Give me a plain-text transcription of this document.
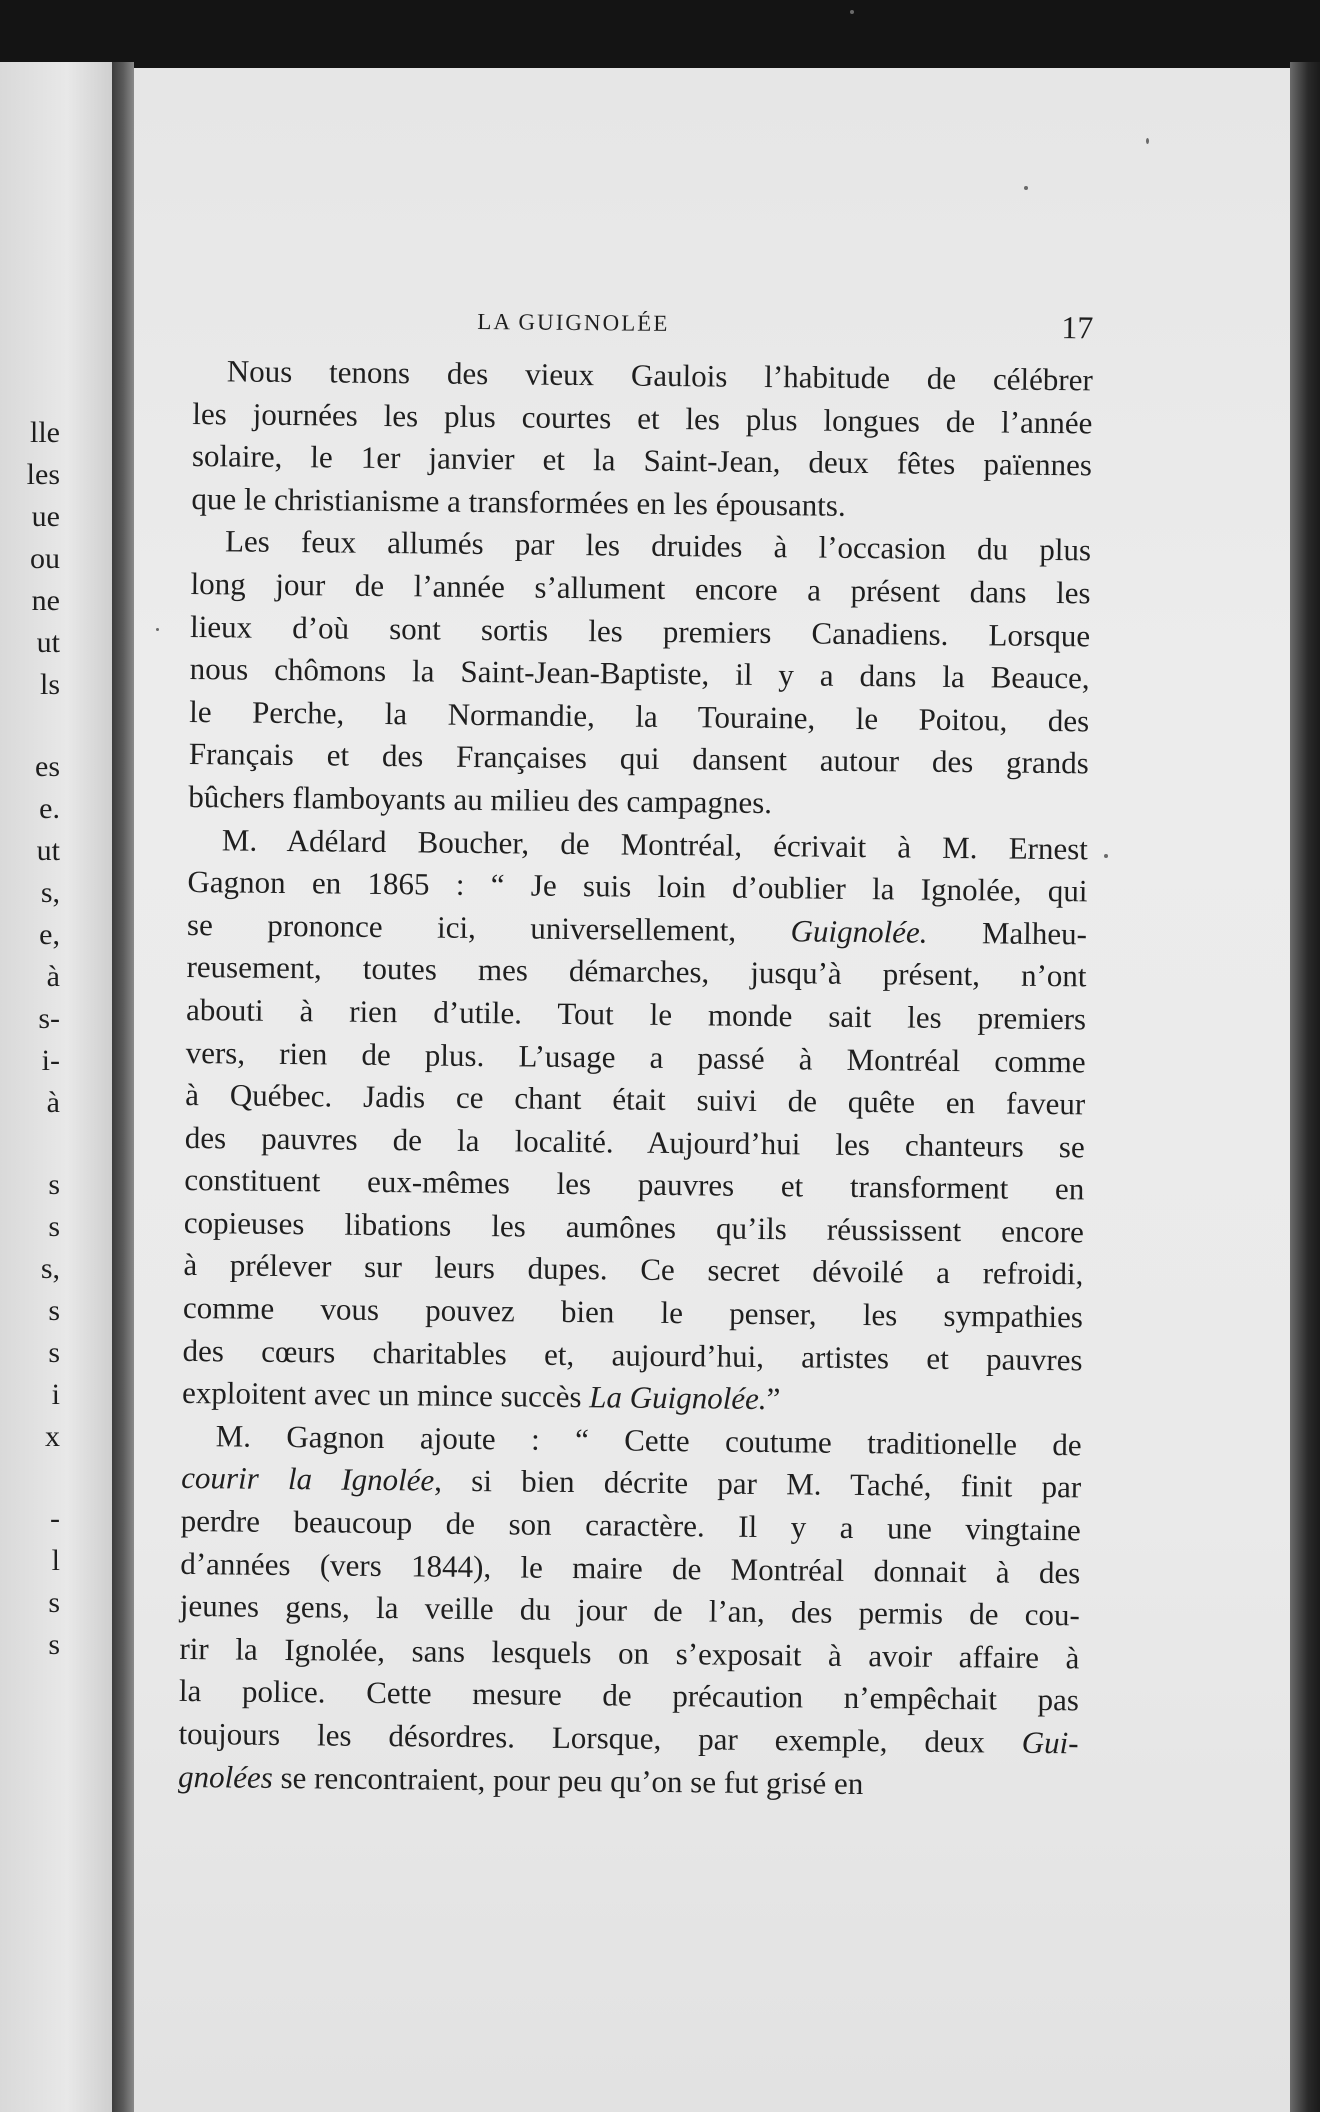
lle
les
ue
ou
ne
ut
ls
es
e.
ut
s,
e,
à
s-
i-
à
s
s
s,
s
s
i
x
-
l
s
s
LA GUIGNOLÉE	17
Nous tenons des vieux Gaulois l’habitude de célébrer
les journées les plus courtes et les plus longues de l’année
solaire, le 1er janvier et la Saint-Jean, deux fêtes païennes
que le christianisme a transformées en les épousants.
Les feux allumés par les druides à l’occasion du plus
long jour de l’année s’allument encore a présent dans les
lieux d’où sont sortis les premiers Canadiens. Lorsque
nous chômons la Saint-Jean-Baptiste, il y a dans la Beauce,
le Perche, la Normandie, la Touraine, le Poitou, des
Français et des Françaises qui dansent autour des grands
bûchers flamboyants au milieu des campagnes.
M. Adélard Boucher, de Montréal, écrivait à M. Ernest
Gagnon en 1865 : “ Je suis loin d’oublier la Ignolée, qui
se prononce ici, universellement, Guignolée. Malheu-
reusement, toutes mes démarches, jusqu’à présent, n’ont
abouti à rien d’utile. Tout le monde sait les premiers
vers, rien de plus. L’usage a passé à Montréal comme
à Québec. Jadis ce chant était suivi de quête en faveur
des pauvres de la localité. Aujourd’hui les chanteurs se
constituent eux-mêmes les pauvres et transforment en
copieuses libations les aumônes qu’ils réussissent encore
à prélever sur leurs dupes. Ce secret dévoilé a refroidi,
comme vous pouvez bien le penser, les sympathies
des cœurs charitables et, aujourd’hui, artistes et pauvres
exploitent avec un mince succès La Guignolée.”
M. Gagnon ajoute : “ Cette coutume traditionelle de
courir la Ignolée, si bien décrite par M. Taché, finit par
perdre beaucoup de son caractère. Il y a une vingtaine
d’années (vers 1844), le maire de Montréal donnait à des
jeunes gens, la veille du jour de l’an, des permis de cou-
rir la Ignolée, sans lesquels on s’exposait à avoir affaire à
la police. Cette mesure de précaution n’empêchait pas
toujours les désordres. Lorsque, par exemple, deux Gui-
gnolées se rencontraient, pour peu qu’on se fut grisé en
